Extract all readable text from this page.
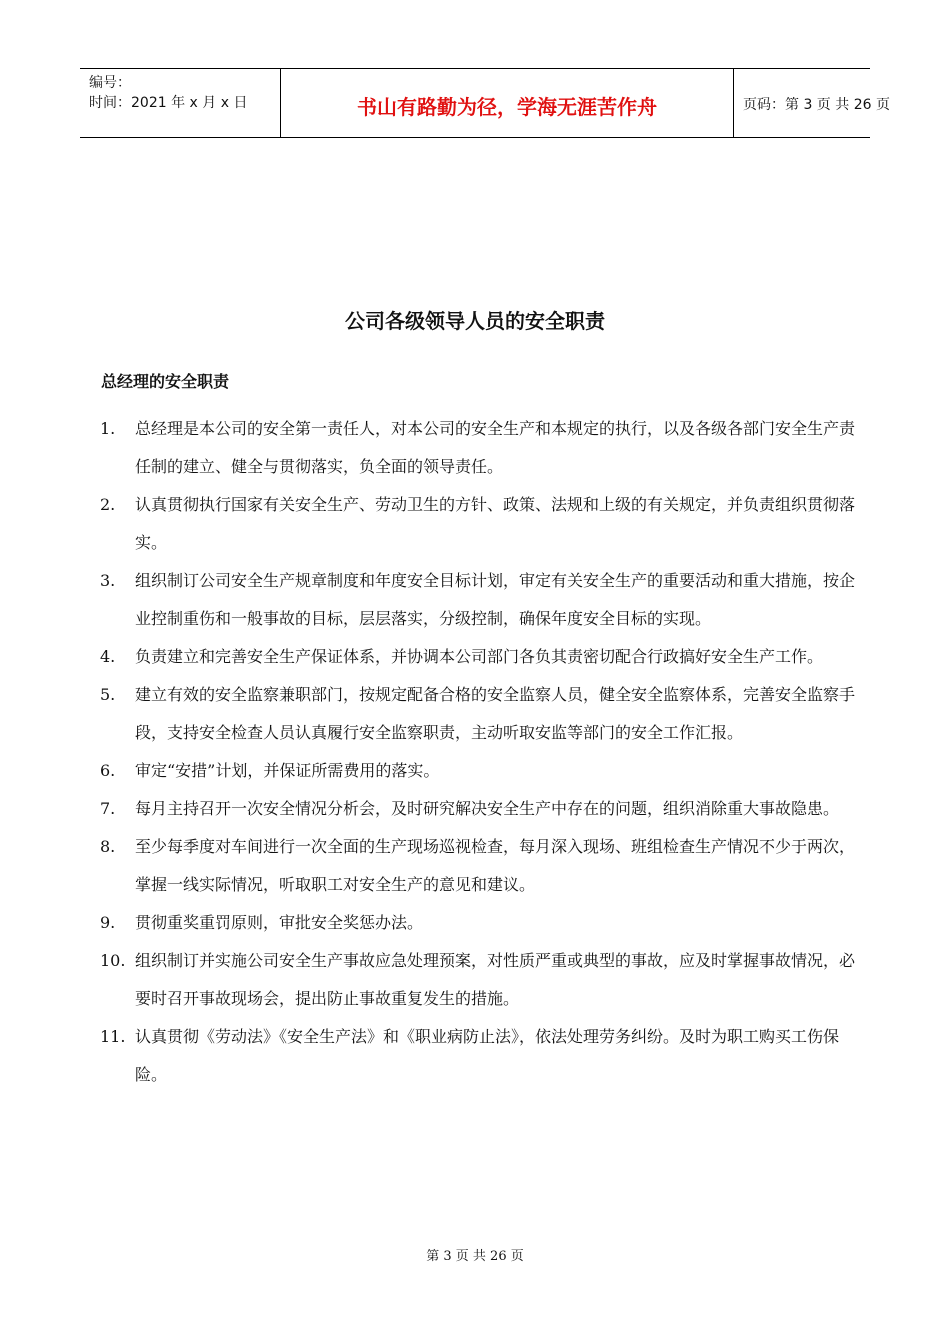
编号：
时间：2021 年 x 月 x 日	书山有路勤为径，学海无涯苦作舟	页码：第 3 页 共 26 页
公司各级领导人员的安全职责
总经理的安全职责
1. 总经理是本公司的安全第一责任人，对本公司的安全生产和本规定的执行，以及各级各部门安全生产责任制的建立、健全与贯彻落实，负全面的领导责任。
2. 认真贯彻执行国家有关安全生产、劳动卫生的方针、政策、法规和上级的有关规定，并负责组织贯彻落实。
3. 组织制订公司安全生产规章制度和年度安全目标计划，审定有关安全生产的重要活动和重大措施，按企业控制重伤和一般事故的目标，层层落实，分级控制，确保年度安全目标的实现。
4. 负责建立和完善安全生产保证体系，并协调本公司部门各负其责密切配合行政搞好安全生产工作。
5. 建立有效的安全监察兼职部门，按规定配备合格的安全监察人员，健全安全监察体系，完善安全监察手段，支持安全检查人员认真履行安全监察职责，主动听取安监等部门的安全工作汇报。
6. 审定“安措”计划，并保证所需费用的落实。
7. 每月主持召开一次安全情况分析会，及时研究解决安全生产中存在的问题，组织消除重大事故隐患。
8. 至少每季度对车间进行一次全面的生产现场巡视检查，每月深入现场、班组检查生产情况不少于两次，掌握一线实际情况，听取职工对安全生产的意见和建议。
9. 贯彻重奖重罚原则，审批安全奖惩办法。
10. 组织制订并实施公司安全生产事故应急处理预案，对性质严重或典型的事故，应及时掌握事故情况，必要时召开事故现场会，提出防止事故重复发生的措施。
11. 认真贯彻《劳动法》《安全生产法》和《职业病防止法》，依法处理劳务纠纷。及时为职工购买工伤保险。
第 3 页 共 26 页
